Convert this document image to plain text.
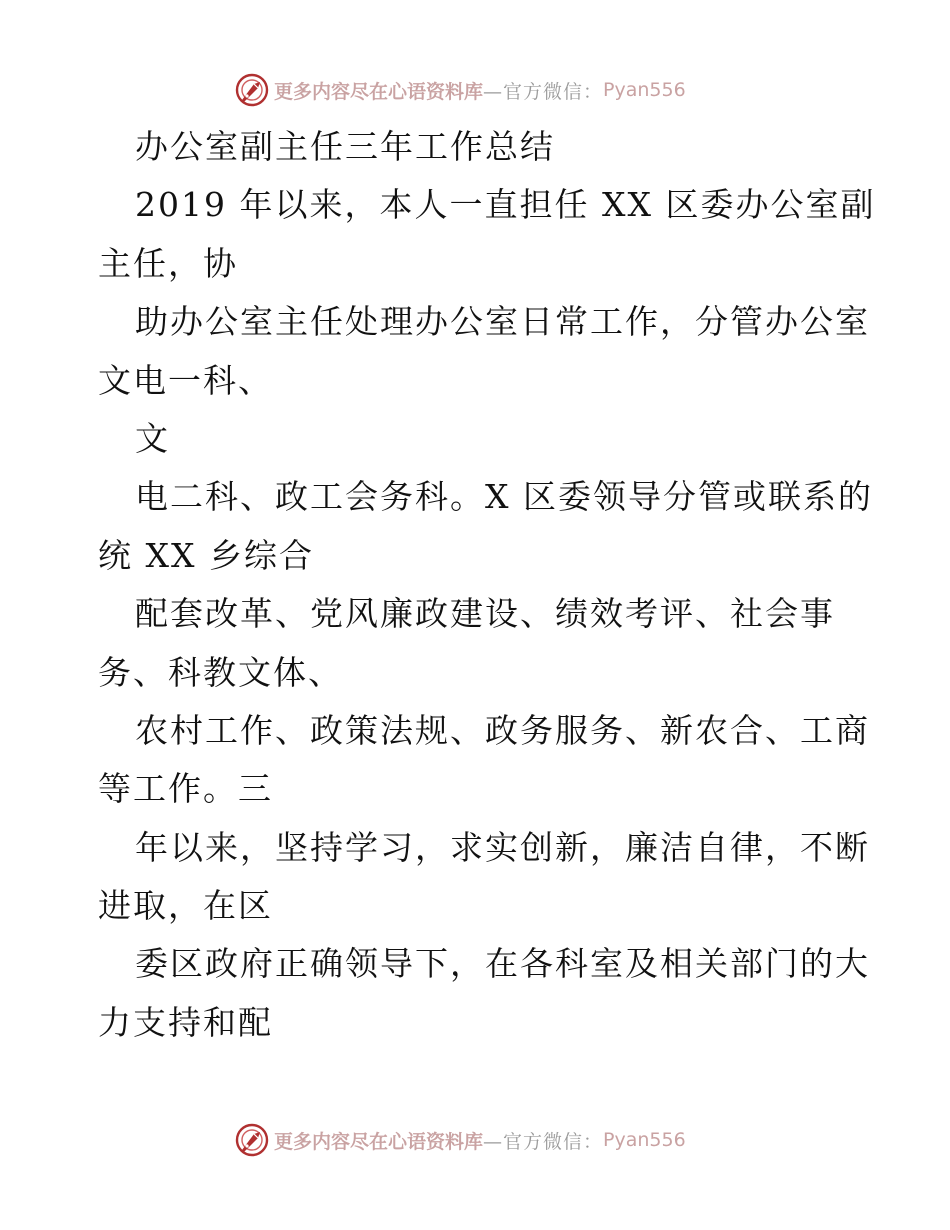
更多内容尽在心语资料库 —官方微信： Pyan556
办公室副主任三年工作总结
2019 年以来，本人一直担任 XX 区委办公室副
主任，协
助办公室主任处理办公室日常工作，分管办公室
文电一科、
文
电二科、政工会务科。X 区委领导分管或联系的
统 XX 乡综合
配套改革、党风廉政建设、绩效考评、社会事
务、科教文体、
农村工作、政策法规、政务服务、新农合、工商
等工作。三
年以来，坚持学习，求实创新，廉洁自律，不断
进取，在区
委区政府正确领导下，在各科室及相关部门的大
力支持和配
更多内容尽在心语资料库 —官方微信： Pyan556
